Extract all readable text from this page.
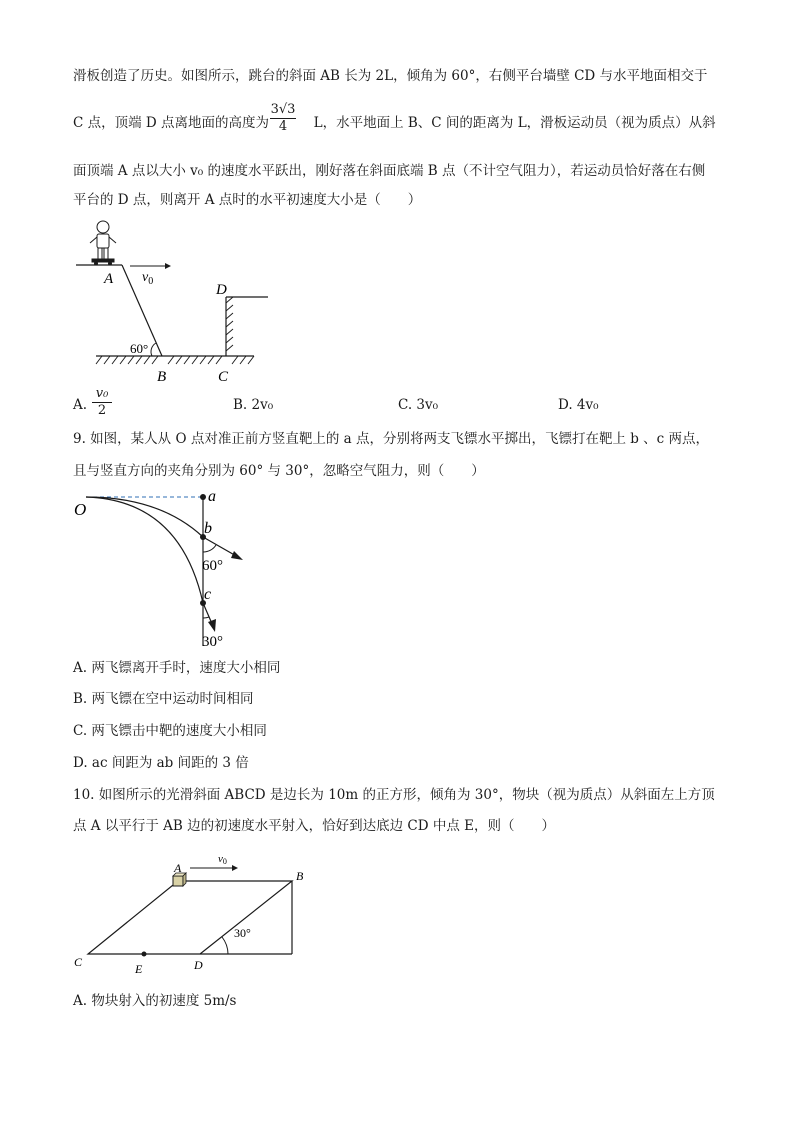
滑板创造了历史。如图所示，跳台的斜面 AB 长为 2L，倾角为 60°，右侧平台墙壁 CD 与水平地面相交于
C 点，顶端 D 点离地面的高度为	L，水平地面上 B、C 间的距离为 L，滑板运动员（视为质点）从斜
$\frac{3√3}{4}$
面顶端 A 点以大小 v₀ 的速度水平跃出，刚好落在斜面底端 B 点（不计空气阻力），若运动员恰好落在右侧
平台的 D 点，则离开 A 点时的水平初速度大小是（　　）
A $v_0$
D
60°
B	C
A. $\frac{\text{v₀}}{2}$	B. 2v₀	C. 3v₀	D. 4v₀
9. 如图，某人从 O 点对准正前方竖直靶上的 a 点，分别将两支飞镖水平掷出，飞镖打在靶上 b 、c 两点，
且与竖直方向的夹角分别为 60° 与 30°，忽略空气阻力，则（　　）
O
a
b
c
60°
30°
A. 两飞镖离开手时，速度大小相同
B. 两飞镖在空中运动时间相同
C. 两飞镖击中靶的速度大小相同
D. ac 间距为 ab 间距的 3 倍
10. 如图所示的光滑斜面 ABCD 是边长为 10m 的正方形，倾角为 30°，物块（视为质点）从斜面左上方顶
点 A 以平行于 AB 边的初速度水平射入，恰好到达底边 CD 中点 E，则（　　）
A
v0
B
C	E	D
30°
A. 物块射入的初速度 5m/s
